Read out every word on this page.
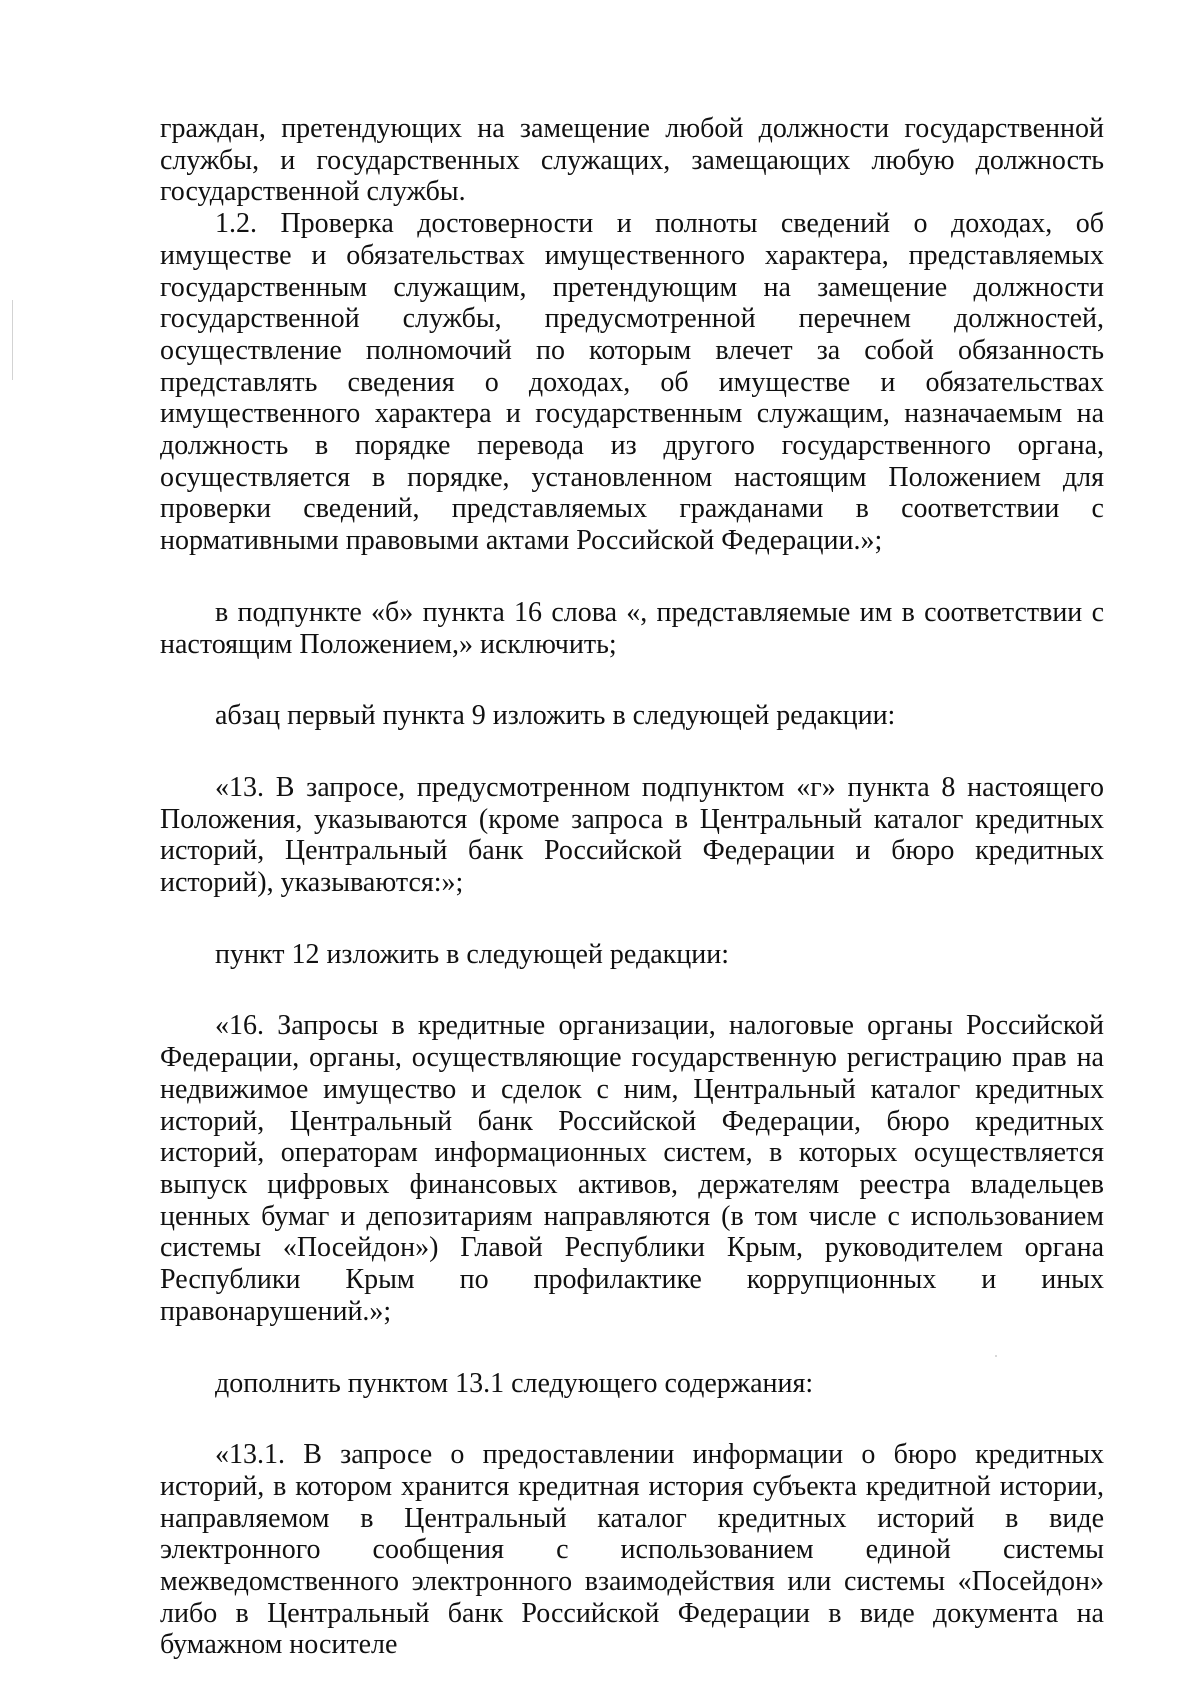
граждан, претендующих на замещение любой должности государственной службы, и государственных служащих, замещающих любую должность государственной службы.

1.2. Проверка достоверности и полноты сведений о доходах, об имуществе и обязательствах имущественного характера, представляемых государственным служащим, претендующим на замещение должности государственной службы, предусмотренной перечнем должностей, осуществление полномочий по которым влечет за собой обязанность представлять сведения о доходах, об имуществе и обязательствах имущественного характера и государственным служащим, назначаемым на должность в порядке перевода из другого государственного органа, осуществляется в порядке, установленном настоящим Положением для проверки сведений, представляемых гражданами в соответствии с нормативными правовыми актами Российской Федерации.»;

в подпункте «б» пункта 16 слова «, представляемые им в соответствии с настоящим Положением,» исключить;

абзац первый пункта 9 изложить в следующей редакции:

«13. В запросе, предусмотренном подпунктом «г» пункта 8 настоящего Положения, указываются (кроме запроса в Центральный каталог кредитных историй, Центральный банк Российской Федерации и бюро кредитных историй), указываются:»;

пункт 12 изложить в следующей редакции:

«16. Запросы в кредитные организации, налоговые органы Российской Федерации, органы, осуществляющие государственную регистрацию прав на недвижимое имущество и сделок с ним, Центральный каталог кредитных историй, Центральный банк Российской Федерации, бюро кредитных историй, операторам информационных систем, в которых осуществляется выпуск цифровых финансовых активов, держателям реестра владельцев ценных бумаг и депозитариям направляются (в том числе с использованием системы «Посейдон») Главой Республики Крым, руководителем органа Республики Крым по профилактике коррупционных и иных правонарушений.»;

дополнить пунктом 13.1 следующего содержания:

«13.1. В запросе о предоставлении информации о бюро кредитных историй, в котором хранится кредитная история субъекта кредитной истории, направляемом в Центральный каталог кредитных историй в виде электронного сообщения с использованием единой системы межведомственного электронного взаимодействия или системы «Посейдон» либо в Центральный банк Российской Федерации в виде документа на бумажном носителе
